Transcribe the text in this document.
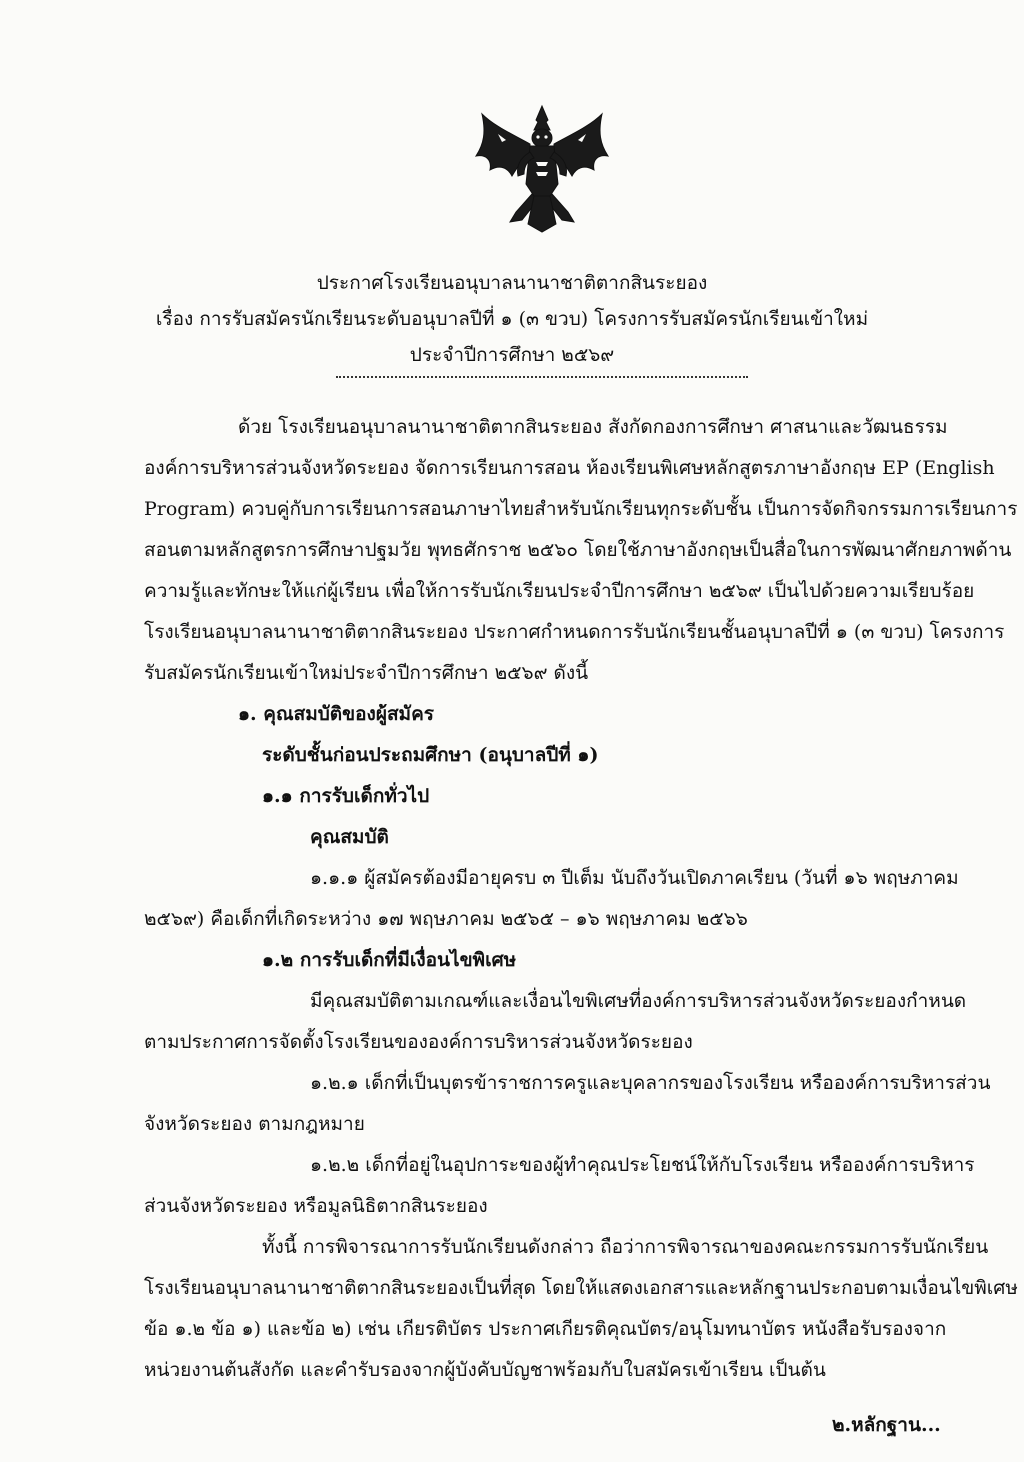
ประกาศโรงเรียนอนุบาลนานาชาติตากสินระยอง
เรื่อง การรับสมัครนักเรียนระดับอนุบาลปีที่ ๑ (๓ ขวบ) โครงการรับสมัครนักเรียนเข้าใหม่
ประจำปีการศึกษา ๒๕๖๙
ด้วย โรงเรียนอนุบาลนานาชาติตากสินระยอง สังกัดกองการศึกษา ศาสนาและวัฒนธรรม
องค์การบริหารส่วนจังหวัดระยอง จัดการเรียนการสอน ห้องเรียนพิเศษหลักสูตรภาษาอังกฤษ EP (English
Program) ควบคู่กับการเรียนการสอนภาษาไทยสำหรับนักเรียนทุกระดับชั้น เป็นการจัดกิจกรรมการเรียนการ
สอนตามหลักสูตรการศึกษาปฐมวัย พุทธศักราช ๒๕๖๐ โดยใช้ภาษาอังกฤษเป็นสื่อในการพัฒนาศักยภาพด้าน
ความรู้และทักษะให้แก่ผู้เรียน เพื่อให้การรับนักเรียนประจำปีการศึกษา ๒๕๖๙ เป็นไปด้วยความเรียบร้อย
โรงเรียนอนุบาลนานาชาติตากสินระยอง ประกาศกำหนดการรับนักเรียนชั้นอนุบาลปีที่ ๑ (๓ ขวบ) โครงการ
รับสมัครนักเรียนเข้าใหม่ประจำปีการศึกษา ๒๕๖๙ ดังนี้
๑. คุณสมบัติของผู้สมัคร
ระดับชั้นก่อนประถมศึกษา (อนุบาลปีที่ ๑)
๑.๑ การรับเด็กทั่วไป
คุณสมบัติ
๑.๑.๑ ผู้สมัครต้องมีอายุครบ ๓ ปีเต็ม นับถึงวันเปิดภาคเรียน (วันที่ ๑๖ พฤษภาคม
๒๕๖๙) คือเด็กที่เกิดระหว่าง ๑๗ พฤษภาคม ๒๕๖๕ – ๑๖ พฤษภาคม ๒๕๖๖
๑.๒ การรับเด็กที่มีเงื่อนไขพิเศษ
มีคุณสมบัติตามเกณฑ์และเงื่อนไขพิเศษที่องค์การบริหารส่วนจังหวัดระยองกำหนด
ตามประกาศการจัดตั้งโรงเรียนขององค์การบริหารส่วนจังหวัดระยอง
๑.๒.๑ เด็กที่เป็นบุตรข้าราชการครูและบุคลากรของโรงเรียน หรือองค์การบริหารส่วน
จังหวัดระยอง ตามกฎหมาย
๑.๒.๒ เด็กที่อยู่ในอุปการะของผู้ทำคุณประโยชน์ให้กับโรงเรียน หรือองค์การบริหาร
ส่วนจังหวัดระยอง หรือมูลนิธิตากสินระยอง
ทั้งนี้ การพิจารณาการรับนักเรียนดังกล่าว ถือว่าการพิจารณาของคณะกรรมการรับนักเรียน
โรงเรียนอนุบาลนานาชาติตากสินระยองเป็นที่สุด โดยให้แสดงเอกสารและหลักฐานประกอบตามเงื่อนไขพิเศษ
ข้อ ๑.๒ ข้อ ๑) และข้อ ๒) เช่น เกียรติบัตร ประกาศเกียรติคุณบัตร/อนุโมทนาบัตร หนังสือรับรองจาก
หน่วยงานต้นสังกัด และคำรับรองจากผู้บังคับบัญชาพร้อมกับใบสมัครเข้าเรียน เป็นต้น
๒.หลักฐาน...
